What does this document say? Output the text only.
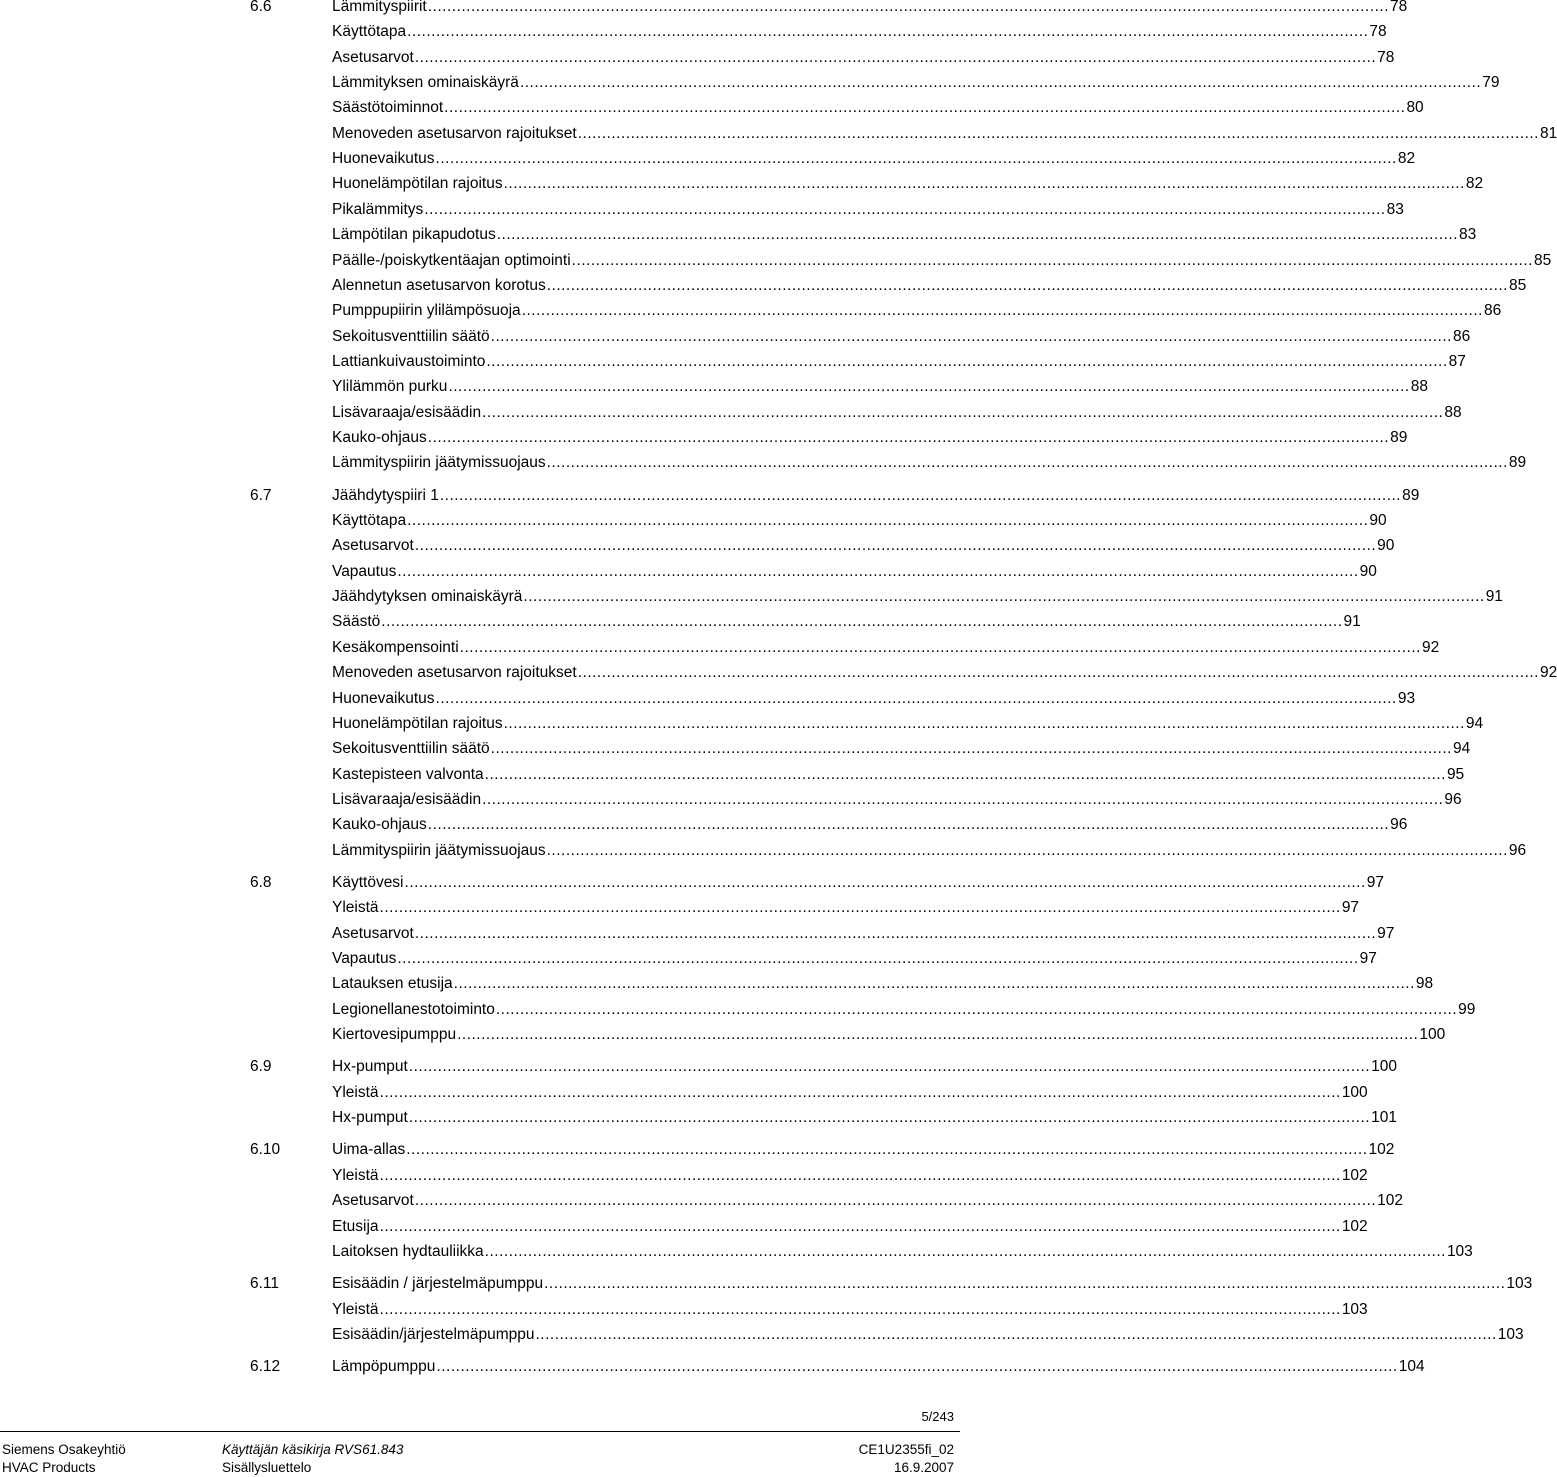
6.6	Lämmityspiirit ........................................................................................................................................................................................................ 78
Käyttötapa ........................................................................................................................................................................................................ 78
Asetusarvot ........................................................................................................................................................................................................ 78
Lämmityksen ominaiskäyrä ........................................................................................................................................................................................................ 79
Säästötoiminnot ........................................................................................................................................................................................................ 80
Menoveden asetusarvon rajoitukset ........................................................................................................................................................................................................ 81
Huonevaikutus ........................................................................................................................................................................................................ 82
Huonelämpötilan rajoitus ........................................................................................................................................................................................................ 82
Pikalämmitys ........................................................................................................................................................................................................ 83
Lämpötilan pikapudotus ........................................................................................................................................................................................................ 83
Päälle-/poiskytkentäajan optimointi ........................................................................................................................................................................................................ 85
Alennetun asetusarvon korotus ........................................................................................................................................................................................................ 85
Pumppupiirin ylilämpösuoja ........................................................................................................................................................................................................ 86
Sekoitusventtiilin säätö ........................................................................................................................................................................................................ 86
Lattiankuivaustoiminto ........................................................................................................................................................................................................ 87
Ylilämmön purku ........................................................................................................................................................................................................ 88
Lisävaraaja/esisäädin ........................................................................................................................................................................................................ 88
Kauko-ohjaus ........................................................................................................................................................................................................ 89
Lämmityspiirin jäätymissuojaus ........................................................................................................................................................................................................ 89
6.7	Jäähdytyspiiri 1 ........................................................................................................................................................................................................ 89
Käyttötapa ........................................................................................................................................................................................................ 90
Asetusarvot ........................................................................................................................................................................................................ 90
Vapautus ........................................................................................................................................................................................................ 90
Jäähdytyksen ominaiskäyrä ........................................................................................................................................................................................................ 91
Säästö ........................................................................................................................................................................................................ 91
Kesäkompensointi ........................................................................................................................................................................................................ 92
Menoveden asetusarvon rajoitukset ........................................................................................................................................................................................................ 92
Huonevaikutus ........................................................................................................................................................................................................ 93
Huonelämpötilan rajoitus ........................................................................................................................................................................................................ 94
Sekoitusventtiilin säätö ........................................................................................................................................................................................................ 94
Kastepisteen valvonta ........................................................................................................................................................................................................ 95
Lisävaraaja/esisäädin ........................................................................................................................................................................................................ 96
Kauko-ohjaus ........................................................................................................................................................................................................ 96
Lämmityspiirin jäätymissuojaus ........................................................................................................................................................................................................ 96
6.8	Käyttövesi ........................................................................................................................................................................................................ 97
Yleistä ........................................................................................................................................................................................................ 97
Asetusarvot ........................................................................................................................................................................................................ 97
Vapautus ........................................................................................................................................................................................................ 97
Latauksen etusija ........................................................................................................................................................................................................ 98
Legionellanestotoiminto ........................................................................................................................................................................................................ 99
Kiertovesipumppu ........................................................................................................................................................................................................ 100
6.9	Hx-pumput ........................................................................................................................................................................................................ 100
Yleistä ........................................................................................................................................................................................................ 100
Hx-pumput ........................................................................................................................................................................................................ 101
6.10	Uima-allas ........................................................................................................................................................................................................ 102
Yleistä ........................................................................................................................................................................................................ 102
Asetusarvot ........................................................................................................................................................................................................ 102
Etusija ........................................................................................................................................................................................................ 102
Laitoksen hydtauliikka ........................................................................................................................................................................................................ 103
6.11	Esisäädin / järjestelmäpumppu ........................................................................................................................................................................................................ 103
Yleistä ........................................................................................................................................................................................................ 103
Esisäädin/järjestelmäpumppu ........................................................................................................................................................................................................ 103
6.12	Lämpöpumppu ........................................................................................................................................................................................................ 104
5/243
Siemens Osakeyhtiö
HVAC Products
Käyttäjän käsikirja RVS61.843
Sisällysluettelo
CE1U2355fi_02
16.9.2007
